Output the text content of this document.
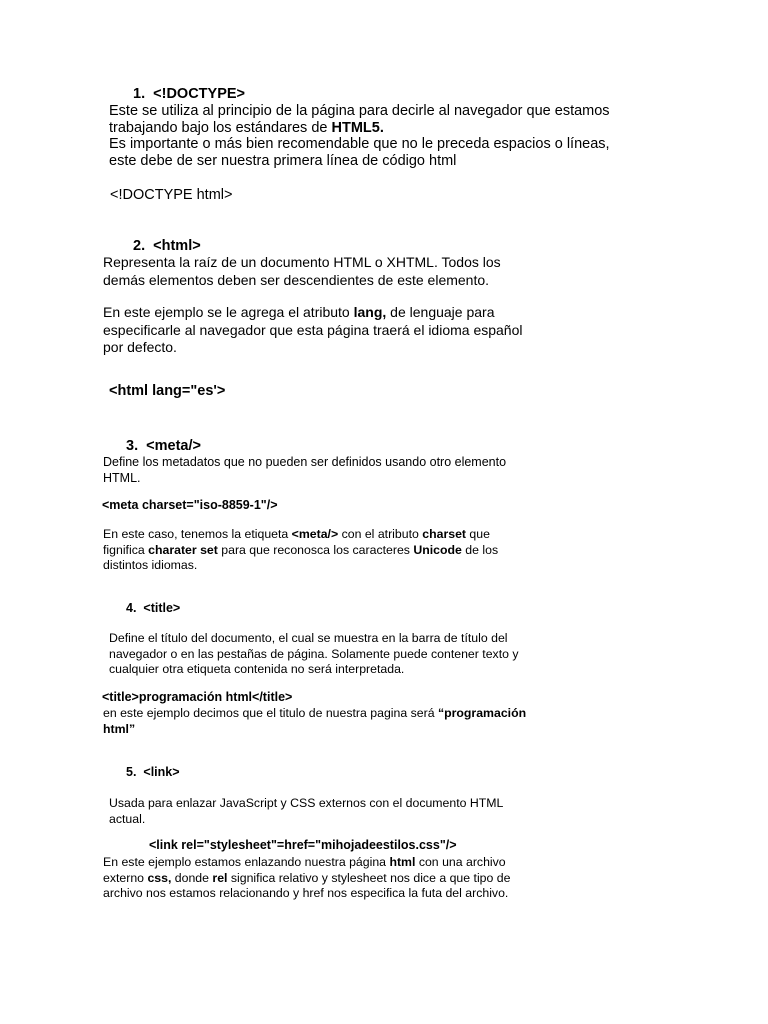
1. <!DOCTYPE>
Este se utiliza al principio de la página para decirle al navegador que estamos
trabajando bajo los estándares de HTML5.
Es importante o más bien recomendable que no le preceda espacios o líneas,
este debe de ser nuestra primera línea de código html
<!DOCTYPE html>
2. <html>
Representa la raíz de un documento HTML o XHTML. Todos los
demás elementos deben ser descendientes de este elemento.
En este ejemplo se le agrega el atributo lang, de lenguaje para
especificarle al navegador que esta página traerá el idioma español
por defecto.
<html lang="es'>
3. <meta/>
Define los metadatos que no pueden ser definidos usando otro elemento
HTML.
<meta charset="iso-8859-1"/>
En este caso, tenemos la etiqueta <meta/> con el atributo charset que
fignifica charater set para que reconosca los caracteres Unicode de los
distintos idiomas.
4. <title>
Define el título del documento, el cual se muestra en la barra de título del
navegador o en las pestañas de página. Solamente puede contener texto y
cualquier otra etiqueta contenida no será interpretada.
<title>programación html</title>
en este ejemplo decimos que el titulo de nuestra pagina será “programación
html”
5. <link>
Usada para enlazar JavaScript y CSS externos con el documento HTML
actual.
<link rel="stylesheet"=href="mihojadeestilos.css"/>
En este ejemplo estamos enlazando nuestra página html con una archivo
externo css, donde rel significa relativo y stylesheet nos dice a que tipo de
archivo nos estamos relacionando y href nos especifica la futa del archivo.
